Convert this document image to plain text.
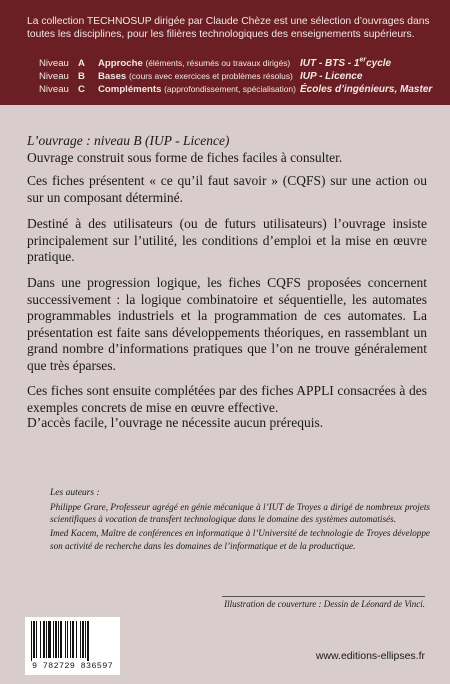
La collection TECHNOSUP dirigée par Claude Chèze est une sélection d’ouvrages dans toutes les disciplines, pour les filières technologiques des enseignements supérieurs.
Niveau A Approche (éléments, résumés ou travaux dirigés) IUT - BTS - 1ercycle
Niveau B Bases (cours avec exercices et problèmes résolus) IUP - Licence
Niveau C Compléments (approfondissement, spécialisation) Écoles d’ingénieurs, Master
L’ouvrage : niveau B (IUP - Licence)
Ouvrage construit sous forme de fiches faciles à consulter.
Ces fiches présentent « ce qu’il faut savoir » (CQFS) sur une action ou sur un composant déterminé.
Destiné à des utilisateurs (ou de futurs utilisateurs) l’ouvrage insiste principalement sur l’utilité, les conditions d’emploi et la mise en œuvre pratique.
Dans une progression logique, les fiches CQFS proposées concernent successivement : la logique combinatoire et séquentielle, les automates programmables industriels et la programmation de ces automates. La présentation est faite sans développements théoriques, en rassemblant un grand nombre d’informations pratiques que l’on ne trouve généralement que très éparses.
Ces fiches sont ensuite complétées par des fiches APPLI consacrées à des exemples concrets de mise en œuvre effective.
D’accès facile, l’ouvrage ne nécessite aucun prérequis.

Les auteurs :

Philippe Grare, Professeur agrégé en génie mécanique à l’IUT de Troyes a dirigé de nombreux projets scientifiques à vocation de transfert technologique dans le domaine des systèmes automatisés.

Imed Kacem, Maître de conférences en informatique à l’Université de technologie de Troyes développe son activité de recherche dans les domaines de l’informatique et de la productique.

Illustration de couverture : Dessin de Léonard de Vinci.
9 782729 836597
www.editions-ellipses.fr
